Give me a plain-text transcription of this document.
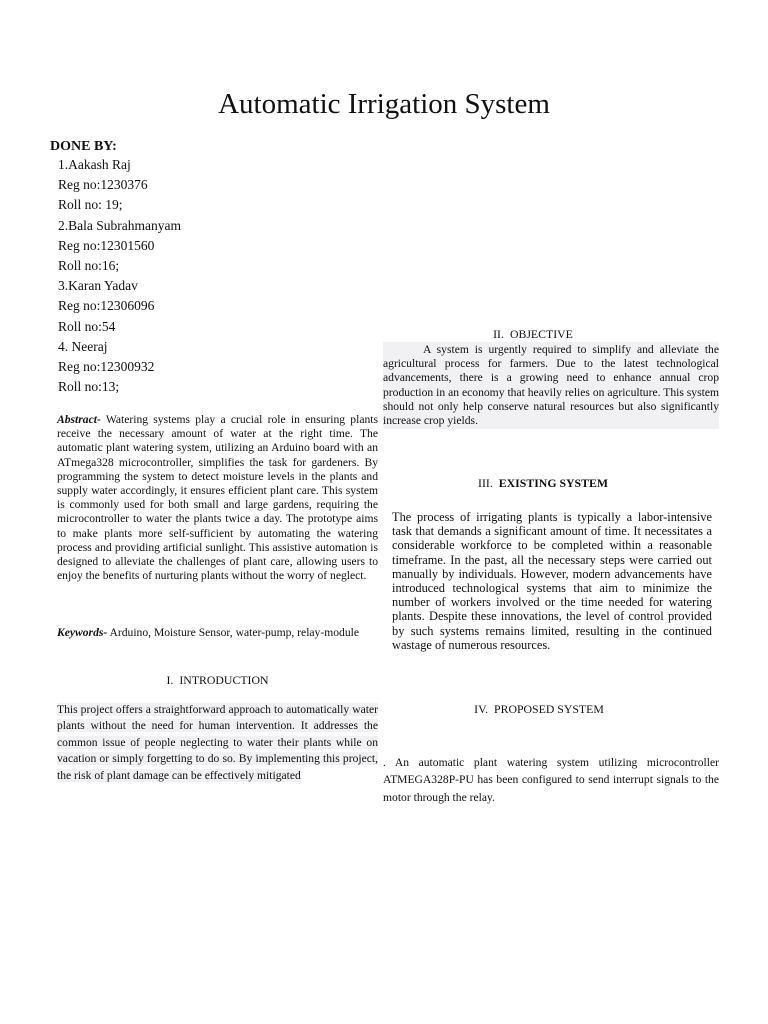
Automatic Irrigation System
DONE BY:
1.Aakash Raj
Reg no:1230376
Roll no: 19;
2.Bala Subrahmanyam
Reg no:12301560
Roll no:16;
3.Karan Yadav
Reg no:12306096
Roll no:54
4. Neeraj
Reg no:12300932
Roll no:13;

Abstract- Watering systems play a crucial role in ensuring plants receive the necessary amount of water at the right time. The automatic plant watering system, utilizing an Arduino board with an ATmega328 microcontroller, simplifies the task for gardeners. By programming the system to detect moisture levels in the plants and supply water accordingly, it ensures efficient plant care. This system is commonly used for both small and large gardens, requiring the microcontroller to water the plants twice a day. The prototype aims to make plants more self-sufficient by automating the watering process and providing artificial sunlight. This assistive automation is designed to alleviate the challenges of plant care, allowing users to enjoy the benefits of nurturing plants without the worry of neglect.

Keywords- Arduino, Moisture Sensor, water-pump, relay-module

I. INTRODUCTION

This project offers a straightforward approach to automatically water plants without the need for human intervention. It addresses the common issue of people neglecting to water their plants while on vacation or simply forgetting to do so. By implementing this project, the risk of plant damage can be effectively mitigated

II. OBJECTIVE

A system is urgently required to simplify and alleviate the agricultural process for farmers. Due to the latest technological advancements, there is a growing need to enhance annual crop production in an economy that heavily relies on agriculture. This system should not only help conserve natural resources but also significantly increase crop yields.

III. EXISTING SYSTEM

The process of irrigating plants is typically a labor-intensive task that demands a significant amount of time. It necessitates a considerable workforce to be completed within a reasonable timeframe. In the past, all the necessary steps were carried out manually by individuals. However, modern advancements have introduced technological systems that aim to minimize the number of workers involved or the time needed for watering plants. Despite these innovations, the level of control provided by such systems remains limited, resulting in the continued wastage of numerous resources.

IV. PROPOSED SYSTEM

. An automatic plant watering system utilizing microcontroller ATMEGA328P-PU has been configured to send interrupt signals to the motor through the relay.
